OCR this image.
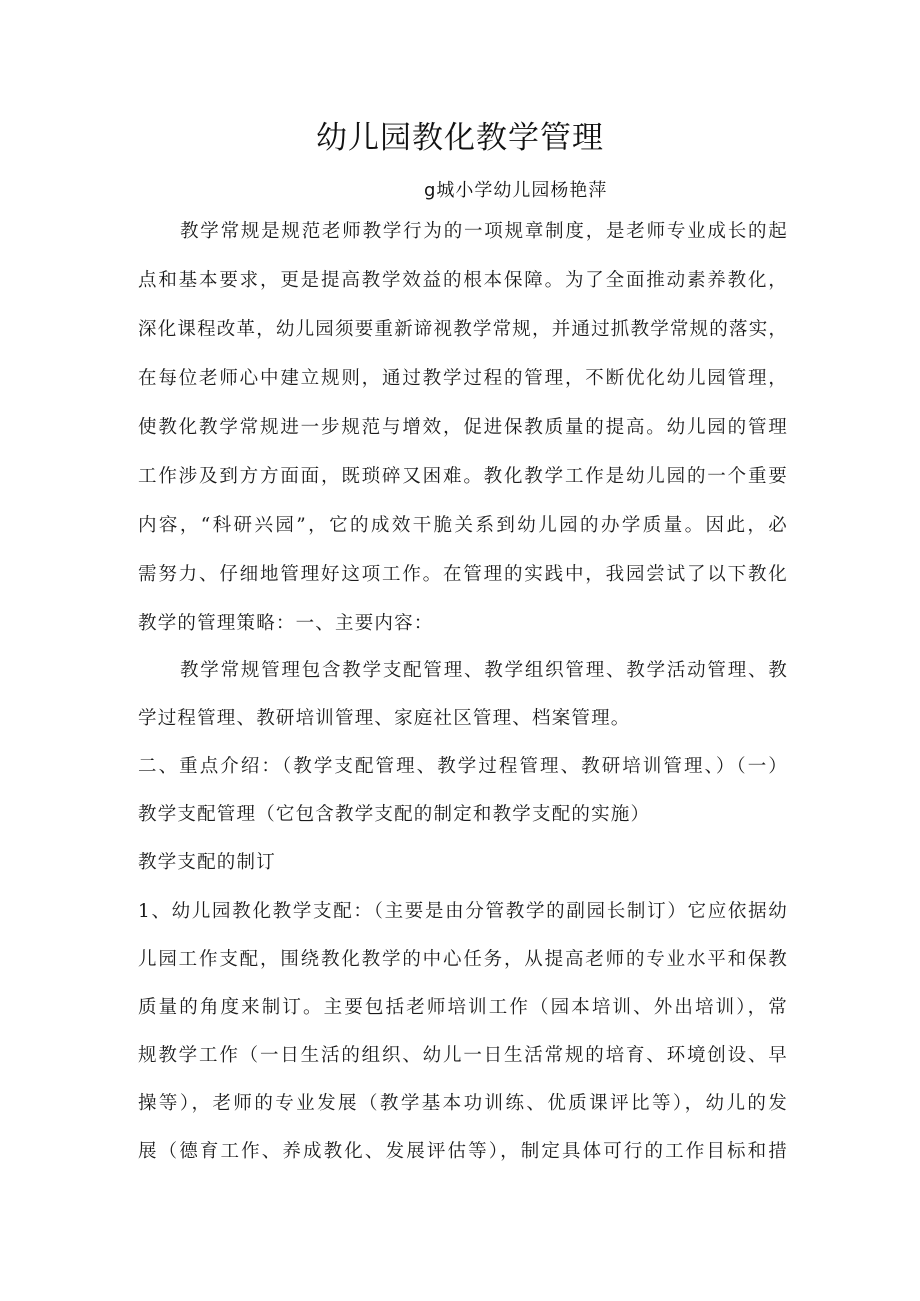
幼儿园教化教学管理
g城小学幼儿园杨艳萍
教学常规是规范老师教学行为的一项规章制度，是老师专业成长的起
点和基本要求，更是提高教学效益的根本保障。为了全面推动素养教化，
深化课程改革，幼儿园须要重新谛视教学常规，并通过抓教学常规的落实，
在每位老师心中建立规则，通过教学过程的管理，不断优化幼儿园管理，
使教化教学常规进一步规范与增效，促进保教质量的提高。幼儿园的管理
工作涉及到方方面面，既琐碎又困难。教化教学工作是幼儿园的一个重要
内容，“科研兴园”，它的成效干脆关系到幼儿园的办学质量。因此，必
需努力、仔细地管理好这项工作。在管理的实践中，我园尝试了以下教化
教学的管理策略：一、主要内容：
教学常规管理包含教学支配管理、教学组织管理、教学活动管理、教
学过程管理、教研培训管理、家庭社区管理、档案管理。
二、重点介绍：（教学支配管理、教学过程管理、教研培训管理、）（一）
教学支配管理（它包含教学支配的制定和教学支配的实施）
教学支配的制订
1、幼儿园教化教学支配：（主要是由分管教学的副园长制订）它应依据幼
儿园工作支配，围绕教化教学的中心任务，从提高老师的专业水平和保教
质量的角度来制订。主要包括老师培训工作（园本培训、外出培训），常
规教学工作（一日生活的组织、幼儿一日生活常规的培育、环境创设、早
操等），老师的专业发展（教学基本功训练、优质课评比等），幼儿的发
展（德育工作、养成教化、发展评估等），制定具体可行的工作目标和措
